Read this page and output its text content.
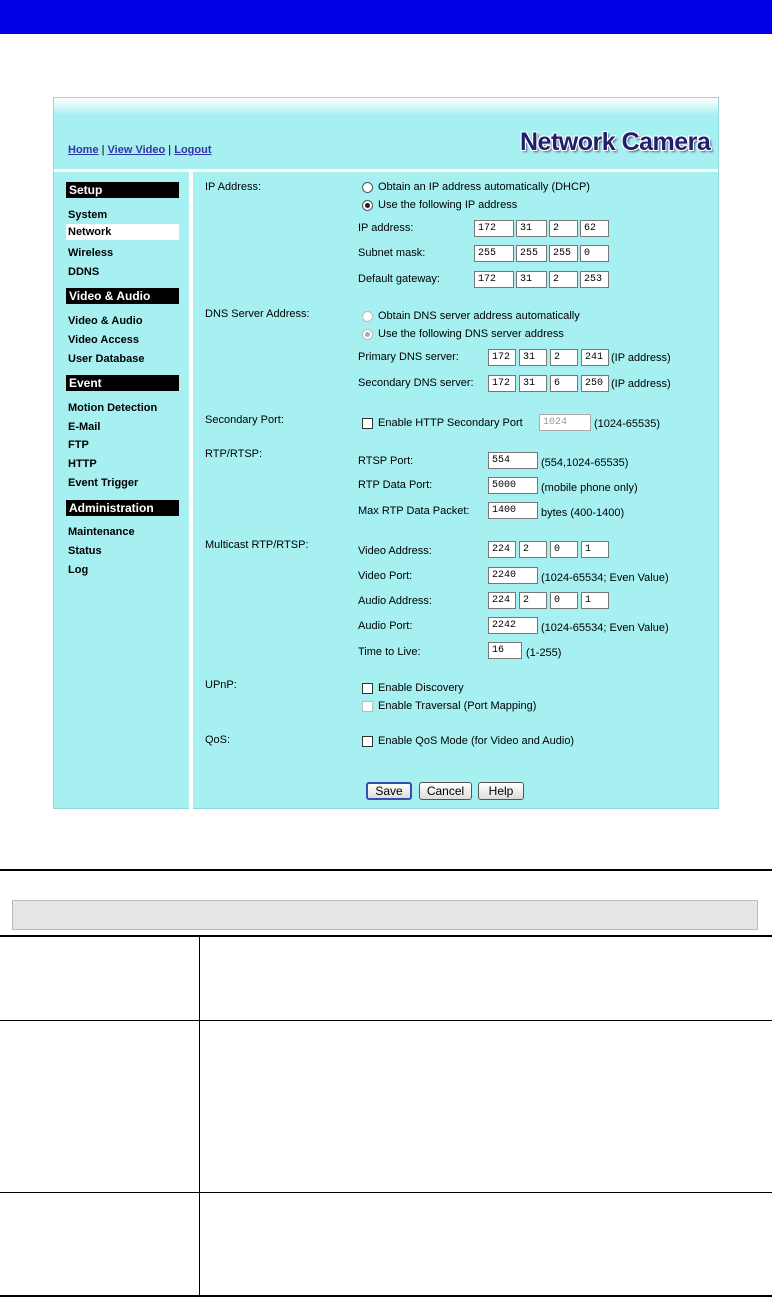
Home | View Video | Logout	Network Camera
Setup
System
Network
Wireless
DDNS
Video & Audio
Video & Audio
Video Access
User Database
Event
Motion Detection
E-Mail
FTP
HTTP
Event Trigger
Administration
Maintenance
Status
Log
IP Address:	Obtain an IP address automatically (DHCP)
Use the following IP address
IP address:	172	31	2	62
Subnet mask:	255	255	255	0
Default gateway:	172	31	2	253
DNS Server Address:	Obtain DNS server address automatically
Use the following DNS server address
Primary DNS server:	172	31	2	241 (IP address)
Secondary DNS server:	172	31	6	250 (IP address)
Secondary Port:	Enable HTTP Secondary Port	1024	(1024-65535)
RTP/RTSP:
RTSP Port:	554	(554,1024-65535)
RTP Data Port:	5000	(mobile phone only)
Max RTP Data Packet:	1400	bytes (400-1400)
Multicast RTP/RTSP:	Video Address:	224	2	0	1
Video Port:	2240	(1024-65534; Even Value)
Audio Address:	224	2	0	1
Audio Port:	2242	(1024-65534; Even Value)
Time to Live:	16	(1-255)
UPnP:	Enable Discovery
Enable Traversal (Port Mapping)
QoS:	Enable QoS Mode (for Video and Audio)
Save	Cancel	Help
